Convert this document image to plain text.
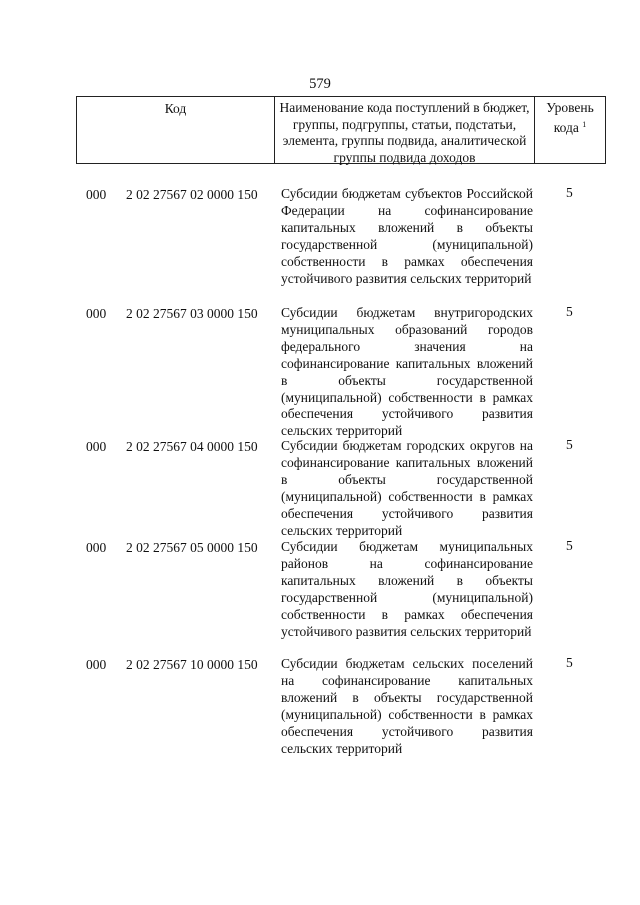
579
Код	Наименование кода поступлений в бюджет, группы, подгруппы, статьи, подстатьи, элемента, группы подвида, аналитической группы подвида доходов
Уровень кода $^1$
000 2 02 27567 02 0000 150 Субсидии бюджетам субъектов Российской Федерации на софинансирование капитальных вложений в объекты государственной (муниципальной) собственности в рамках обеспечения устойчивого развития сельских территорий
5
000 2 02 27567 03 0000 150 Субсидии бюджетам внутригородских муниципальных образований городов федерального значения на софинансирование капитальных вложений в объекты государственной (муниципальной) собственности в рамках обеспечения устойчивого развития сельских территорий
5
000 2 02 27567 04 0000 150 Субсидии бюджетам городских округов на софинансирование капитальных вложений в объекты государственной (муниципальной) собственности в рамках обеспечения устойчивого развития сельских территорий
5
000 2 02 27567 05 0000 150 Субсидии бюджетам муниципальных районов на софинансирование капитальных вложений в объекты государственной (муниципальной) собственности в рамках обеспечения устойчивого развития сельских территорий
5
000 2 02 27567 10 0000 150 Субсидии бюджетам сельских поселений на софинансирование капитальных вложений в объекты государственной (муниципальной) собственности в рамках обеспечения устойчивого развития сельских территорий
5
